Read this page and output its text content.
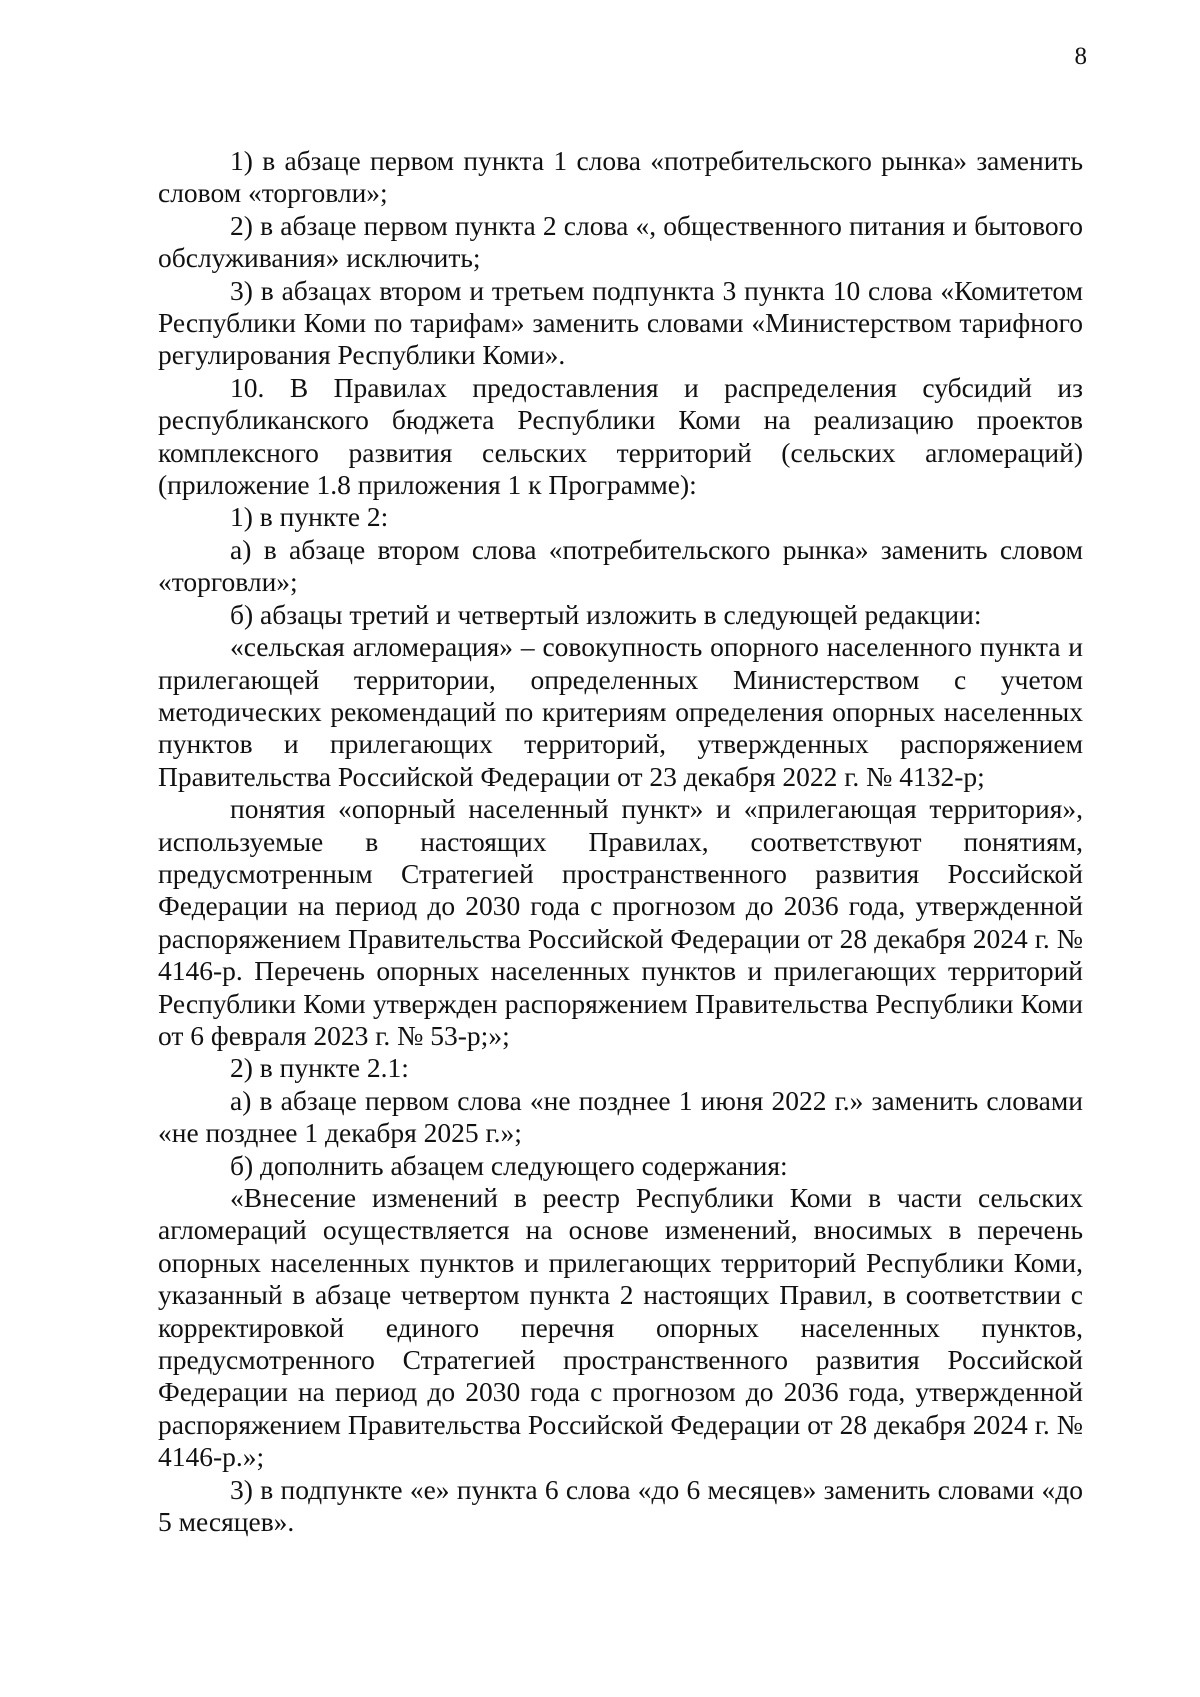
8

1) в абзаце первом пункта 1 слова «потребительского рынка» заменить словом «торговли»;

2) в абзаце первом пункта 2 слова «, общественного питания и бытового обслуживания» исключить;

3) в абзацах втором и третьем подпункта 3 пункта 10 слова «Комитетом Республики Коми по тарифам» заменить словами «Министерством тарифного регулирования Республики Коми».

10. В Правилах предоставления и распределения субсидий из республиканского бюджета Республики Коми на реализацию проектов комплексного развития сельских территорий (сельских агломераций) (приложение 1.8 приложения 1 к Программе):

1) в пункте 2:

а) в абзаце втором слова «потребительского рынка» заменить словом «торговли»;

б) абзацы третий и четвертый изложить в следующей редакции:

«сельская агломерация» – совокупность опорного населенного пункта и прилегающей территории, определенных Министерством с учетом методических рекомендаций по критериям определения опорных населенных пунктов и прилегающих территорий, утвержденных распоряжением Правительства Российской Федерации от 23 декабря 2022 г. № 4132-р;

понятия «опорный населенный пункт» и «прилегающая территория», используемые в настоящих Правилах, соответствуют понятиям, предусмотренным Стратегией пространственного развития Российской Федерации на период до 2030 года с прогнозом до 2036 года, утвержденной распоряжением Правительства Российской Федерации от 28 декабря 2024 г. № 4146-р. Перечень опорных населенных пунктов и прилегающих территорий Республики Коми утвержден распоряжением Правительства Республики Коми от 6 февраля 2023 г. № 53-р;»;

2) в пункте 2.1:

а) в абзаце первом слова «не позднее 1 июня 2022 г.» заменить словами «не позднее 1 декабря 2025 г.»;

б) дополнить абзацем следующего содержания:

«Внесение изменений в реестр Республики Коми в части сельских агломераций осуществляется на основе изменений, вносимых в перечень опорных населенных пунктов и прилегающих территорий Республики Коми, указанный в абзаце четвертом пункта 2 настоящих Правил, в соответствии с корректировкой единого перечня опорных населенных пунктов, предусмотренного Стратегией пространственного развития Российской Федерации на период до 2030 года с прогнозом до 2036 года, утвержденной распоряжением Правительства Российской Федерации от 28 декабря 2024 г. № 4146-р.»;

3) в подпункте «е» пункта 6 слова «до 6 месяцев» заменить словами «до 5 месяцев».
